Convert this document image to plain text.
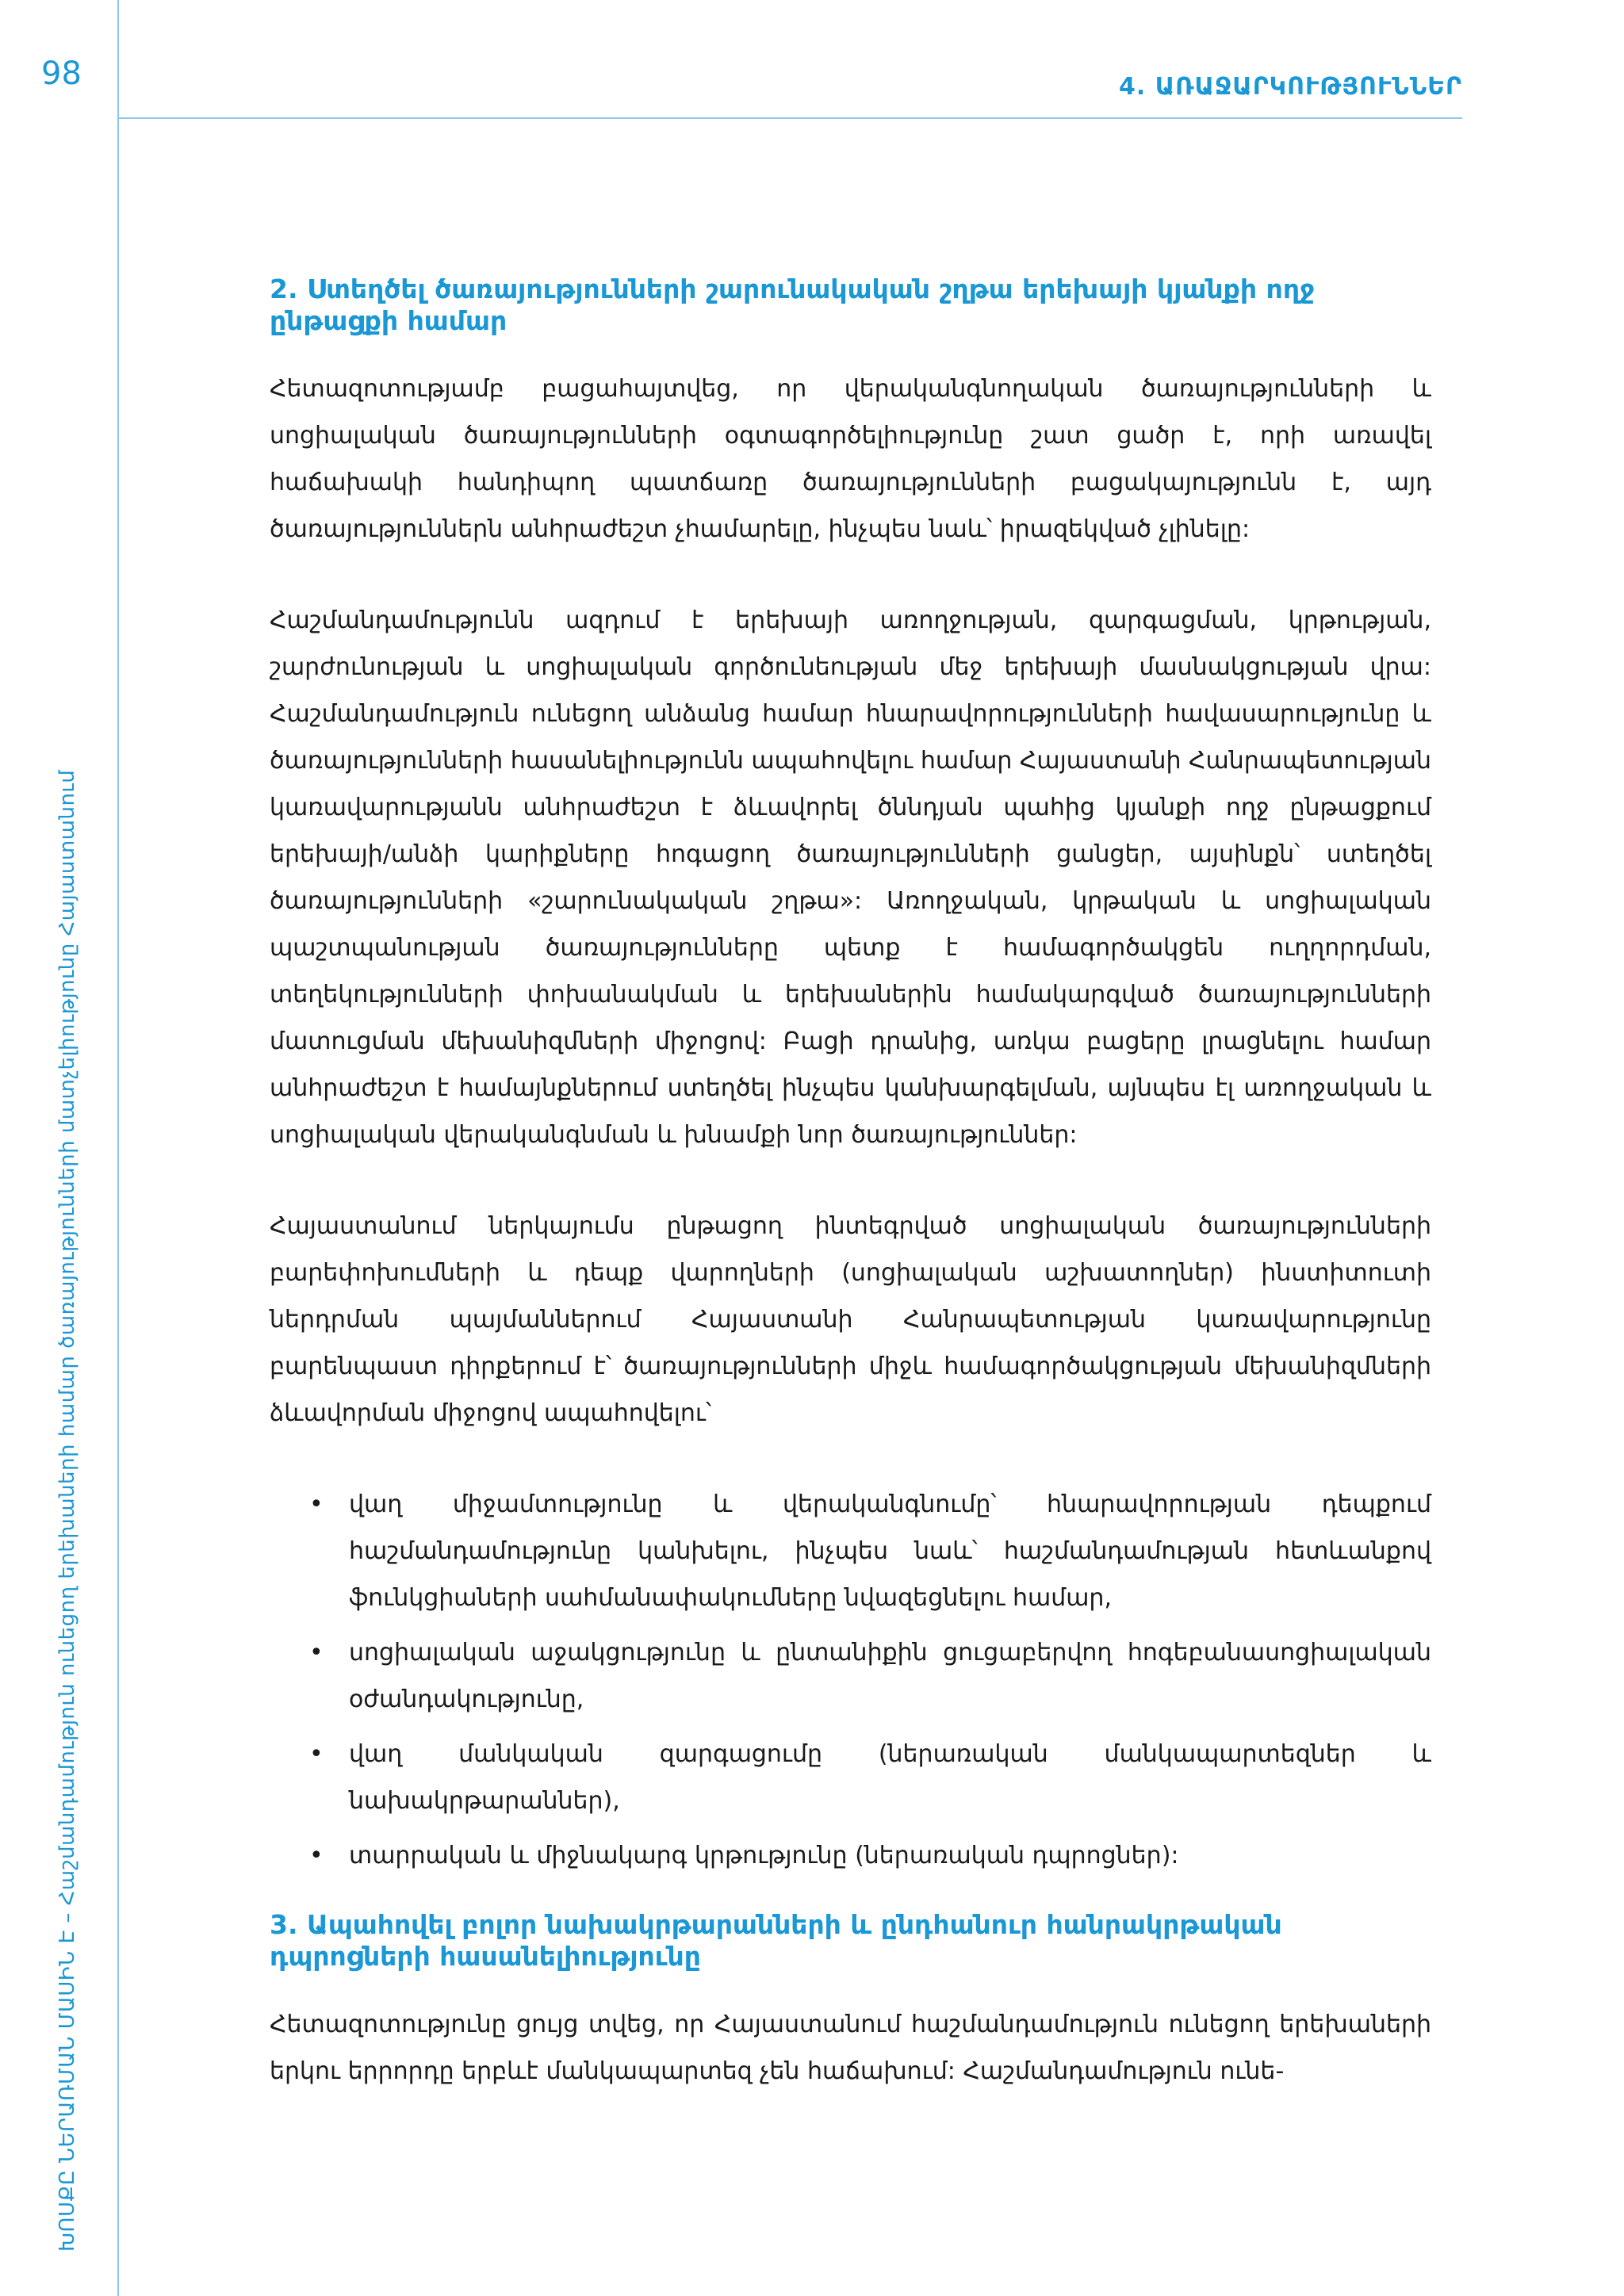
98	4. ԱՌԱՋԱՐԿՈՒԹՅՈՒՆՆԵՐ
ԽՈՍՔԸ ՆԵՐԱՌՄԱՆ ՄԱՍԻՆ Է – Հաշմանդամություն ունեցող երեխաների համար ծառայությունների մատչելիությունը Հայաստանում
2. Ստեղծել ծառայությունների շարունակական շղթա երեխայի կյանքի ողջ ընթացքի համար

Հետազոտությամբ բացահայտվեց, որ վերականգնողական ծառայությունների և սոցիալական ծառայությունների օգտագործելիությունը շատ ցածր է, որի առավել հաճախակի հանդիպող պատճառը ծառայությունների բացակայությունն է, այդ ծառայություններն անհրաժեշտ չհամարելը, ինչպես նաև՝ իրազեկված չլինելը:

Հաշմանդամությունն ազդում է երեխայի առողջության, զարգացման, կրթության, շարժունության և սոցիալական գործունեության մեջ երեխայի մասնակցության վրա: Հաշմանդամություն ունեցող անձանց համար հնարավորությունների հավասարությունը և ծառայությունների հասանելիությունն ապահովելու համար Հայաստանի Հանրապետության կառավարությանն անհրաժեշտ է ձևավորել ծննդյան պահից կյանքի ողջ ընթացքում երեխայի/անձի կարիքները հոգացող ծառայությունների ցանցեր, այսինքն՝ ստեղծել ծառայությունների «շարունակական շղթա»: Առողջական, կրթական և սոցիալական պաշտպանության ծառայությունները պետք է համագործակցեն ուղղորդման, տեղեկությունների փոխանակման և երեխաներին համակարգված ծառայությունների մատուցման մեխանիզմների միջոցով: Բացի դրանից, առկա բացերը լրացնելու համար անհրաժեշտ է համայնքներում ստեղծել ինչպես կանխարգելման, այնպես էլ առողջական և սոցիալական վերականգնման և խնամքի նոր ծառայություններ:

Հայաստանում ներկայումս ընթացող ինտեգրված սոցիալական ծառայությունների բարեփոխումների և դեպք վարողների (սոցիալական աշխատողներ) ինստիտուտի ներդրման պայմաններում Հայաստանի Հանրապետության կառավարությունը բարենպաստ դիրքերում է՝ ծառայությունների միջև համագործակցության մեխանիզմների ձևավորման միջոցով ապահովելու՝

• վաղ միջամտությունը և վերականգնումը՝ հնարավորության դեպքում հաշմանդամությունը կանխելու, ինչպես նաև՝ հաշմանդամության հետևանքով ֆունկցիաների սահմանափակումները նվազեցնելու համար,
• սոցիալական աջակցությունը և ընտանիքին ցուցաբերվող հոգեբանասոցիալական օժանդակությունը,
• վաղ մանկական զարգացումը (ներառական մանկապարտեզներ և նախակրթարաններ),
• տարրական և միջնակարգ կրթությունը (ներառական դպրոցներ):
3. Ապահովել բոլոր նախակրթարանների և ընդհանուր հանրակրթական դպրոցների հասանելիությունը

Հետազոտությունը ցույց տվեց, որ Հայաստանում հաշմանդամություն ունեցող երեխաների երկու երրորդը երբևէ մանկապարտեզ չեն հաճախում: Հաշմանդամություն ունե-
